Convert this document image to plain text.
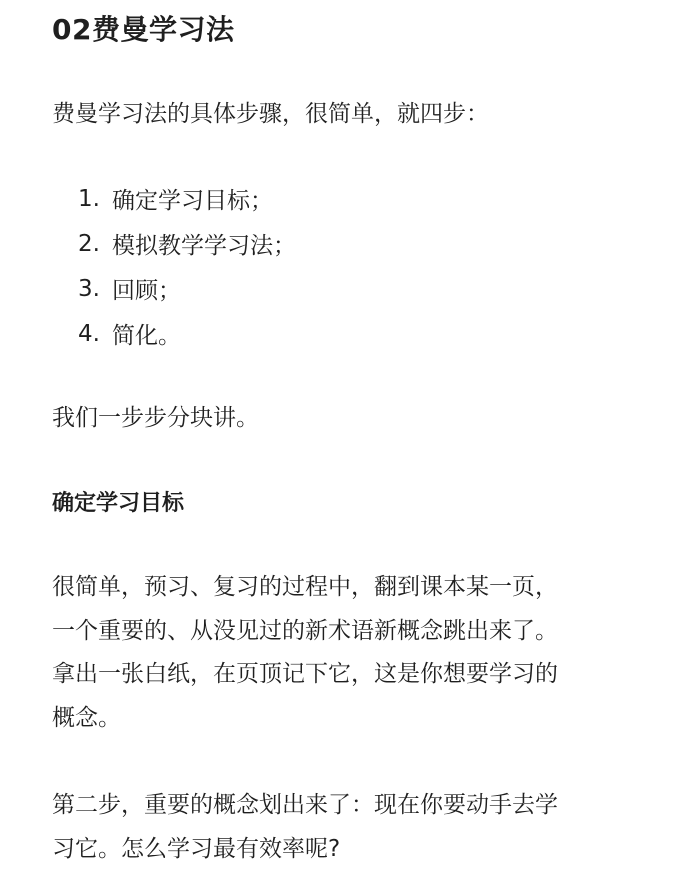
02费曼学习法
费曼学习法的具体步骤，很简单，就四步：
1. 确定学习目标；
2. 模拟教学学习法；
3. 回顾；
4. 简化。
我们一步步分块讲。
确定学习目标
很简单，预习、复习的过程中，翻到课本某一页，
一个重要的、从没见过的新术语新概念跳出来了。
拿出一张白纸，在页顶记下它，这是你想要学习的
概念。
第二步，重要的概念划出来了：现在你要动手去学
习它。怎么学习最有效率呢?
